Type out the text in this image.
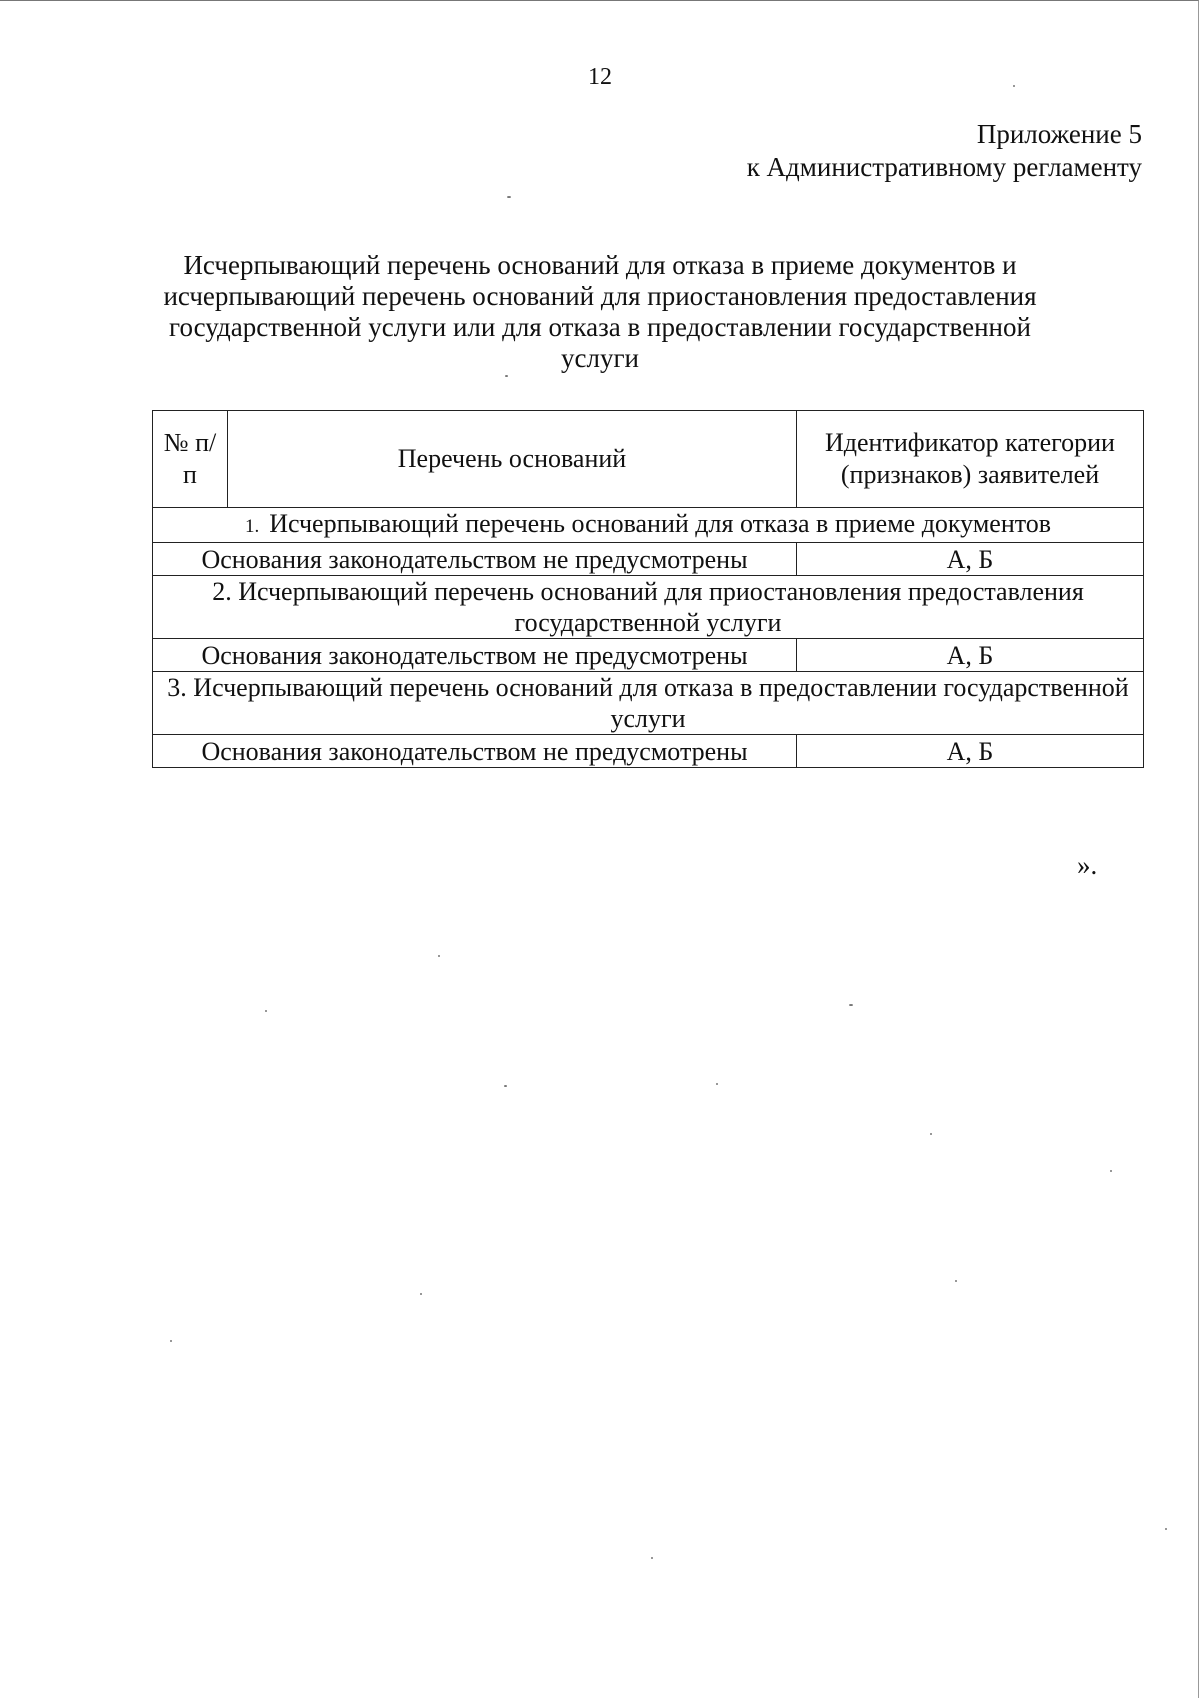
12
Приложение 5
к Административному регламенту
Исчерпывающий перечень оснований для отказа в приеме документов и исчерпывающий перечень оснований для приостановления предоставления государственной услуги или для отказа в предоставлении государственной услуги
№ п/п	Перечень оснований	Идентификатор категории (признаков) заявителей
1. Исчерпывающий перечень оснований для отказа в приеме документов		
Основания законодательством не предусмотрены		А, Б
2. Исчерпывающий перечень оснований для приостановления предоставления государственной услуги		
Основания законодательством не предусмотрены		А, Б
3. Исчерпывающий перечень оснований для отказа в предоставлении государственной услуги		
Основания законодательством не предусмотрены		А, Б
».
